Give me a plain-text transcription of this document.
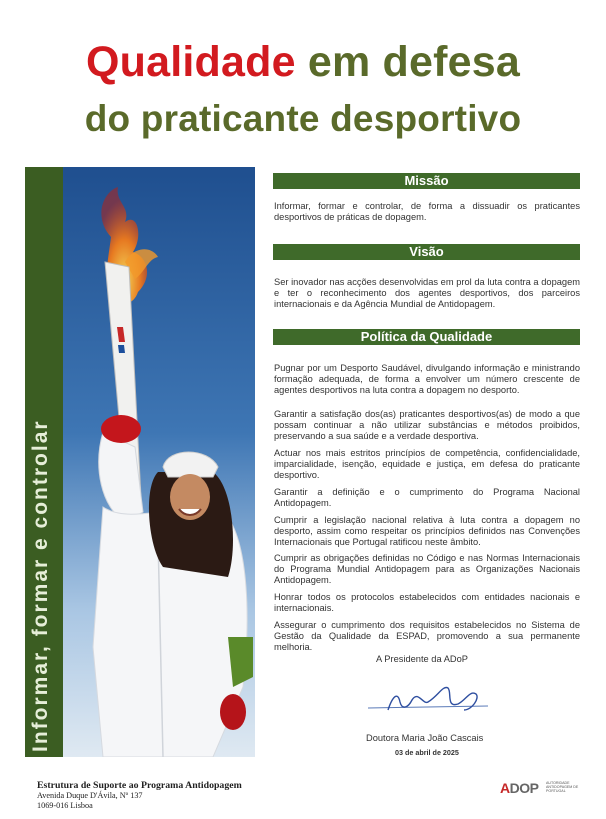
Qualidade em defesa
do praticante desportivo
Informar, formar e controlar
Missão
Informar, formar e controlar, de forma a dissuadir os praticantes desportivos de práticas de dopagem.
Visão
Ser inovador nas acções desenvolvidas em prol da luta contra a dopagem e ter o reconhecimento dos agentes desportivos, dos parceiros internacionais e da Agência Mundial de Antidopagem.
Política da Qualidade
Pugnar por um Desporto Saudável, divulgando informação e ministrando formação adequada, de forma a envolver um número crescente de agentes desportivos na luta contra a dopagem no desporto.
Garantir a satisfação dos(as) praticantes desportivos(as) de modo a que possam continuar a não utilizar substâncias e métodos proibidos, preservando a sua saúde e a verdade desportiva.
Actuar nos mais estritos princípios de competência, confidencialidade, imparcialidade, isenção, equidade e justiça, em defesa do praticante desportivo.
Garantir a definição e o cumprimento do Programa Nacional Antidopagem.
Cumprir a legislação nacional relativa à luta contra a dopagem no desporto, assim como respeitar os princípios definidos nas Convenções Internacionais que Portugal ratificou neste âmbito.
Cumprir as obrigações definidas no Código e nas Normas Internacionais do Programa Mundial Antidopagem para as Organizações Nacionais Antidopagem.
Honrar todos os protocolos estabelecidos com entidades nacionais e internacionais.
Assegurar o cumprimento dos requisitos estabelecidos no Sistema de Gestão da Qualidade da ESPAD, promovendo a sua permanente melhoria.
A Presidente da ADoP
Doutora Maria João Cascais
03 de abril de 2025
Estrutura de Suporte ao Programa Antidopagem
Avenida Duque D'Ávila, Nº 137
1069-016 Lisboa
ADOP AUTORIDADE ANTIDOPAGEM DE PORTUGAL
